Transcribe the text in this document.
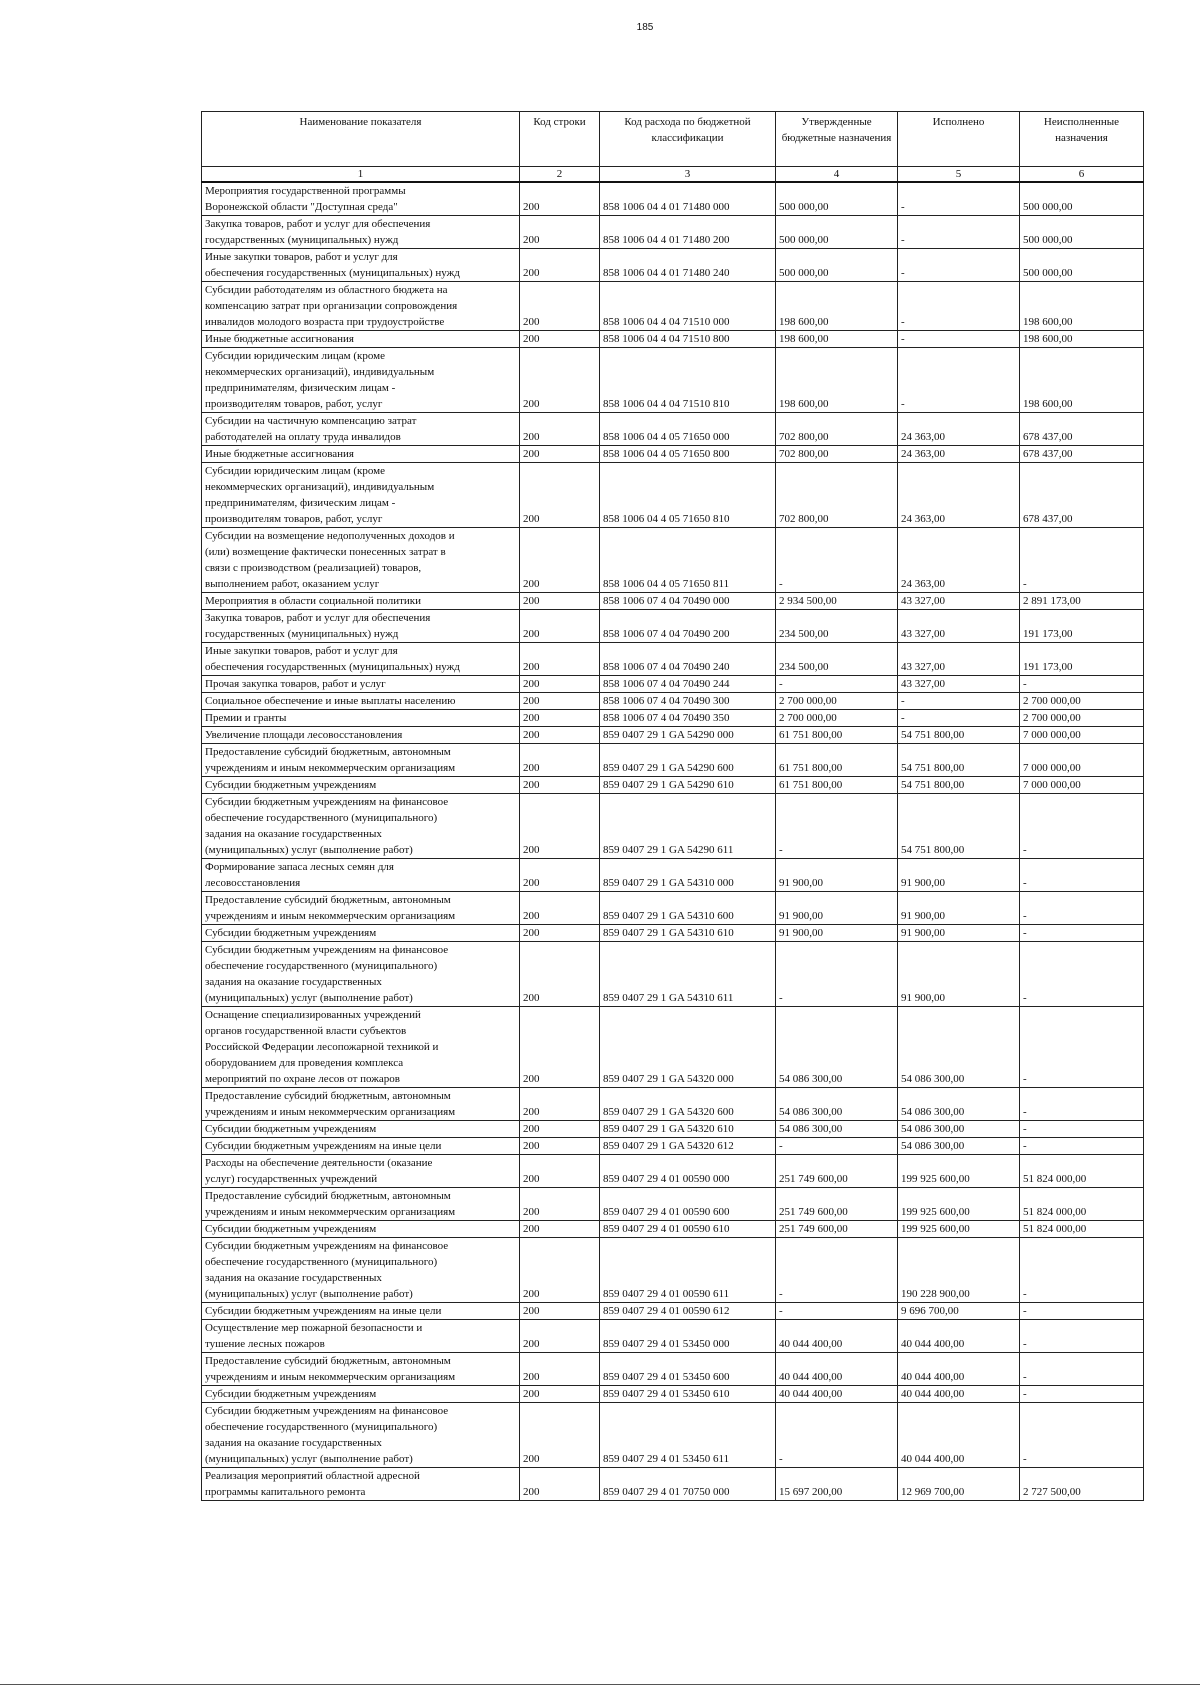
185
Наименование показателя	Код строки	Код расхода по бюджетной классификации	Утвержденные бюджетные назначения	Исполнено	Неисполненные назначения
1	2	3	4	5	6
Мероприятия государственной программы
Воронежской области "Доступная среда"	200	858 1006 04 4 01 71480 000	500 000,00	-	500 000,00
Закупка товаров, работ и услуг для обеспечения
государственных (муниципальных) нужд	200	858 1006 04 4 01 71480 200	500 000,00	-	500 000,00
Иные закупки товаров, работ и услуг для
обеспечения государственных (муниципальных) нужд	200	858 1006 04 4 01 71480 240	500 000,00	-	500 000,00
Субсидии работодателям из областного бюджета на
компенсацию затрат при организации сопровождения
инвалидов молодого возраста при трудоустройстве	200	858 1006 04 4 04 71510 000	198 600,00	-	198 600,00
Иные бюджетные ассигнования	200	858 1006 04 4 04 71510 800	198 600,00	-	198 600,00
Субсидии юридическим лицам (кроме
некоммерческих организаций), индивидуальным
предпринимателям, физическим лицам -
производителям товаров, работ, услуг	200	858 1006 04 4 04 71510 810	198 600,00	-	198 600,00
Субсидии на частичную компенсацию затрат
работодателей на оплату труда инвалидов	200	858 1006 04 4 05 71650 000	702 800,00	24 363,00	678 437,00
Иные бюджетные ассигнования	200	858 1006 04 4 05 71650 800	702 800,00	24 363,00	678 437,00
Субсидии юридическим лицам (кроме
некоммерческих организаций), индивидуальным
предпринимателям, физическим лицам -
производителям товаров, работ, услуг	200	858 1006 04 4 05 71650 810	702 800,00	24 363,00	678 437,00
Субсидии на возмещение недополученных доходов и
(или) возмещение фактически понесенных затрат в
связи с производством (реализацией) товаров,
выполнением работ, оказанием услуг	200	858 1006 04 4 05 71650 811	-	24 363,00	-
Мероприятия в области социальной политики	200	858 1006 07 4 04 70490 000	2 934 500,00	43 327,00	2 891 173,00
Закупка товаров, работ и услуг для обеспечения
государственных (муниципальных) нужд	200	858 1006 07 4 04 70490 200	234 500,00	43 327,00	191 173,00
Иные закупки товаров, работ и услуг для
обеспечения государственных (муниципальных) нужд	200	858 1006 07 4 04 70490 240	234 500,00	43 327,00	191 173,00
Прочая закупка товаров, работ и услуг	200	858 1006 07 4 04 70490 244	-	43 327,00	-
Социальное обеспечение и иные выплаты населению	200	858 1006 07 4 04 70490 300	2 700 000,00	-	2 700 000,00
Премии и гранты	200	858 1006 07 4 04 70490 350	2 700 000,00	-	2 700 000,00
Увеличение площади лесовосстановления	200	859 0407 29 1 GA 54290 000	61 751 800,00	54 751 800,00	7 000 000,00
Предоставление субсидий бюджетным, автономным
учреждениям и иным некоммерческим организациям	200	859 0407 29 1 GA 54290 600	61 751 800,00	54 751 800,00	7 000 000,00
Субсидии бюджетным учреждениям	200	859 0407 29 1 GA 54290 610	61 751 800,00	54 751 800,00	7 000 000,00
Субсидии бюджетным учреждениям на финансовое
обеспечение государственного (муниципального)
задания на оказание государственных
(муниципальных) услуг (выполнение работ)	200	859 0407 29 1 GA 54290 611	-	54 751 800,00	-
Формирование запаса лесных семян для
лесовосстановления	200	859 0407 29 1 GA 54310 000	91 900,00	91 900,00	-
Предоставление субсидий бюджетным, автономным
учреждениям и иным некоммерческим организациям	200	859 0407 29 1 GA 54310 600	91 900,00	91 900,00	-
Субсидии бюджетным учреждениям	200	859 0407 29 1 GA 54310 610	91 900,00	91 900,00	-
Субсидии бюджетным учреждениям на финансовое
обеспечение государственного (муниципального)
задания на оказание государственных
(муниципальных) услуг (выполнение работ)	200	859 0407 29 1 GA 54310 611	-	91 900,00	-
Оснащение специализированных учреждений
органов государственной власти субъектов
Российской Федерации лесопожарной техникой и
оборудованием для проведения комплекса
мероприятий по охране лесов от пожаров	200	859 0407 29 1 GA 54320 000	54 086 300,00	54 086 300,00	-
Предоставление субсидий бюджетным, автономным
учреждениям и иным некоммерческим организациям	200	859 0407 29 1 GA 54320 600	54 086 300,00	54 086 300,00	-
Субсидии бюджетным учреждениям	200	859 0407 29 1 GA 54320 610	54 086 300,00	54 086 300,00	-
Субсидии бюджетным учреждениям на иные цели	200	859 0407 29 1 GA 54320 612	-	54 086 300,00	-
Расходы на обеспечение деятельности (оказание
услуг) государственных учреждений	200	859 0407 29 4 01 00590 000	251 749 600,00	199 925 600,00	51 824 000,00
Предоставление субсидий бюджетным, автономным
учреждениям и иным некоммерческим организациям	200	859 0407 29 4 01 00590 600	251 749 600,00	199 925 600,00	51 824 000,00
Субсидии бюджетным учреждениям	200	859 0407 29 4 01 00590 610	251 749 600,00	199 925 600,00	51 824 000,00
Субсидии бюджетным учреждениям на финансовое
обеспечение государственного (муниципального)
задания на оказание государственных
(муниципальных) услуг (выполнение работ)	200	859 0407 29 4 01 00590 611	-	190 228 900,00	-
Субсидии бюджетным учреждениям на иные цели	200	859 0407 29 4 01 00590 612	-	9 696 700,00	-
Осуществление мер пожарной безопасности и
тушение лесных пожаров	200	859 0407 29 4 01 53450 000	40 044 400,00	40 044 400,00	-
Предоставление субсидий бюджетным, автономным
учреждениям и иным некоммерческим организациям	200	859 0407 29 4 01 53450 600	40 044 400,00	40 044 400,00	-
Субсидии бюджетным учреждениям	200	859 0407 29 4 01 53450 610	40 044 400,00	40 044 400,00	-
Субсидии бюджетным учреждениям на финансовое
обеспечение государственного (муниципального)
задания на оказание государственных
(муниципальных) услуг (выполнение работ)	200	859 0407 29 4 01 53450 611	-	40 044 400,00	-
Реализация мероприятий областной адресной
программы капитального ремонта	200	859 0407 29 4 01 70750 000	15 697 200,00	12 969 700,00	2 727 500,00
